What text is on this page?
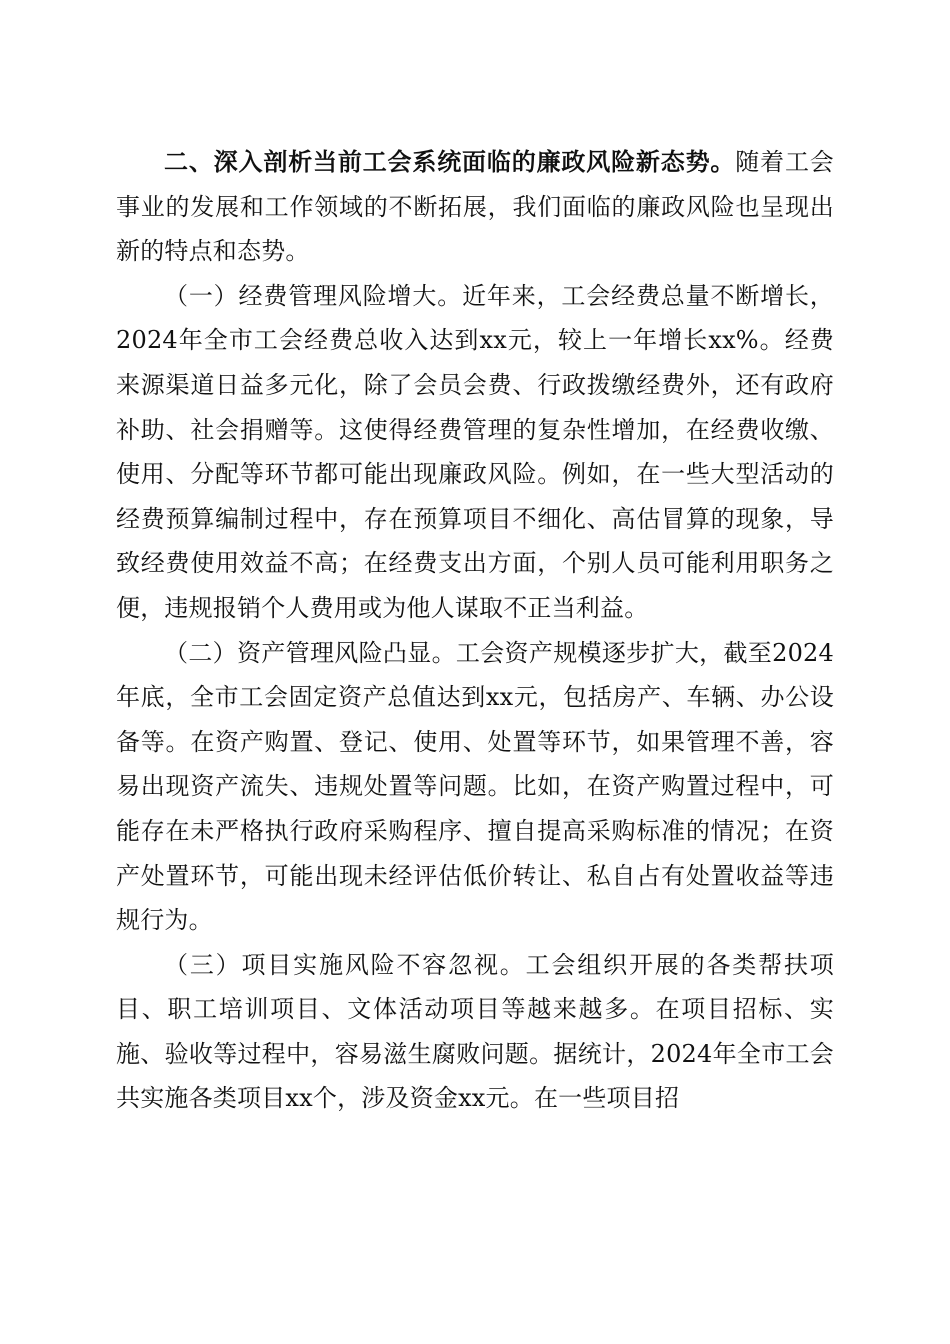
二、深入剖析当前工会系统面临的廉政风险新态势。随着工会事业的发展和工作领域的不断拓展，我们面临的廉政风险也呈现出新的特点和态势。

（一）经费管理风险增大。近年来，工会经费总量不断增长，2024年全市工会经费总收入达到xx元，较上一年增长xx%。经费来源渠道日益多元化，除了会员会费、行政拨缴经费外，还有政府补助、社会捐赠等。这使得经费管理的复杂性增加，在经费收缴、使用、分配等环节都可能出现廉政风险。例如，在一些大型活动的经费预算编制过程中，存在预算项目不细化、高估冒算的现象，导致经费使用效益不高；在经费支出方面，个别人员可能利用职务之便，违规报销个人费用或为他人谋取不正当利益。

（二）资产管理风险凸显。工会资产规模逐步扩大，截至2024年底，全市工会固定资产总值达到xx元，包括房产、车辆、办公设备等。在资产购置、登记、使用、处置等环节，如果管理不善，容易出现资产流失、违规处置等问题。比如，在资产购置过程中，可能存在未严格执行政府采购程序、擅自提高采购标准的情况；在资产处置环节，可能出现未经评估低价转让、私自占有处置收益等违规行为。

（三）项目实施风险不容忽视。工会组织开展的各类帮扶项目、职工培训项目、文体活动项目等越来越多。在项目招标、实施、验收等过程中，容易滋生腐败问题。据统计，2024年全市工会共实施各类项目xx个，涉及资金xx元。在一些项目招
